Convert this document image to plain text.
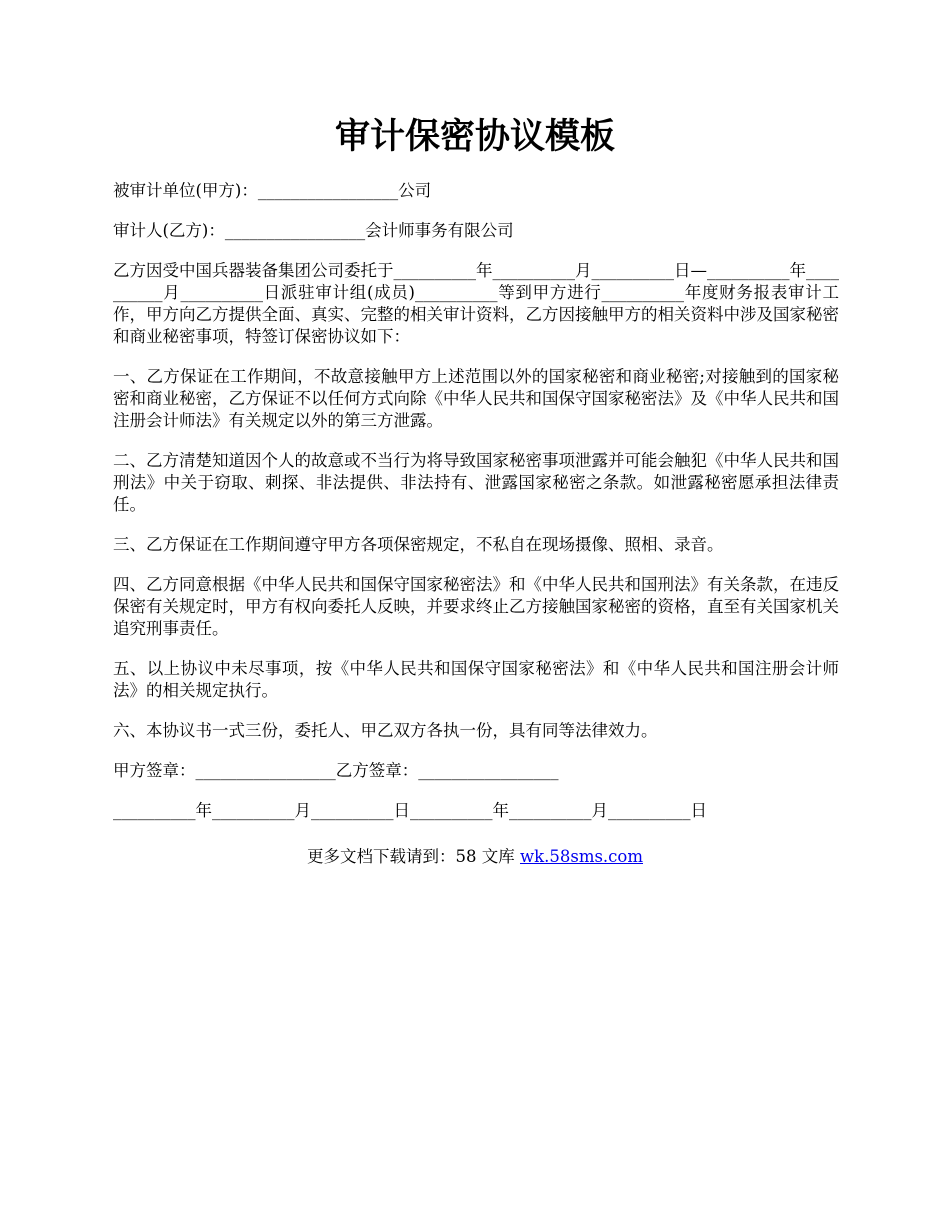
审计保密协议模板

被审计单位(甲方)：_________________公司

审计人(乙方)：_________________会计师事务有限公司

乙方因受中国兵器装备集团公司委托于__________年__________月__________日—__________年__________月__________日派驻审计组(成员)__________等到甲方进行__________年度财务报表审计工作，甲方向乙方提供全面、真实、完整的相关审计资料，乙方因接触甲方的相关资料中涉及国家秘密和商业秘密事项，特签订保密协议如下：

一、乙方保证在工作期间，不故意接触甲方上述范围以外的国家秘密和商业秘密;对接触到的国家秘密和商业秘密，乙方保证不以任何方式向除《中华人民共和国保守国家秘密法》及《中华人民共和国注册会计师法》有关规定以外的第三方泄露。

二、乙方清楚知道因个人的故意或不当行为将导致国家秘密事项泄露并可能会触犯《中华人民共和国刑法》中关于窃取、刺探、非法提供、非法持有、泄露国家秘密之条款。如泄露秘密愿承担法律责任。

三、乙方保证在工作期间遵守甲方各项保密规定，不私自在现场摄像、照相、录音。

四、乙方同意根据《中华人民共和国保守国家秘密法》和《中华人民共和国刑法》有关条款，在违反保密有关规定时，甲方有权向委托人反映，并要求终止乙方接触国家秘密的资格，直至有关国家机关追究刑事责任。

五、以上协议中未尽事项，按《中华人民共和国保守国家秘密法》和《中华人民共和国注册会计师法》的相关规定执行。

六、本协议书一式三份，委托人、甲乙双方各执一份，具有同等法律效力。

甲方签章：_________________乙方签章：_________________

__________年__________月__________日__________年__________月__________日

更多文档下载请到：58 文库 wk.58sms.com
